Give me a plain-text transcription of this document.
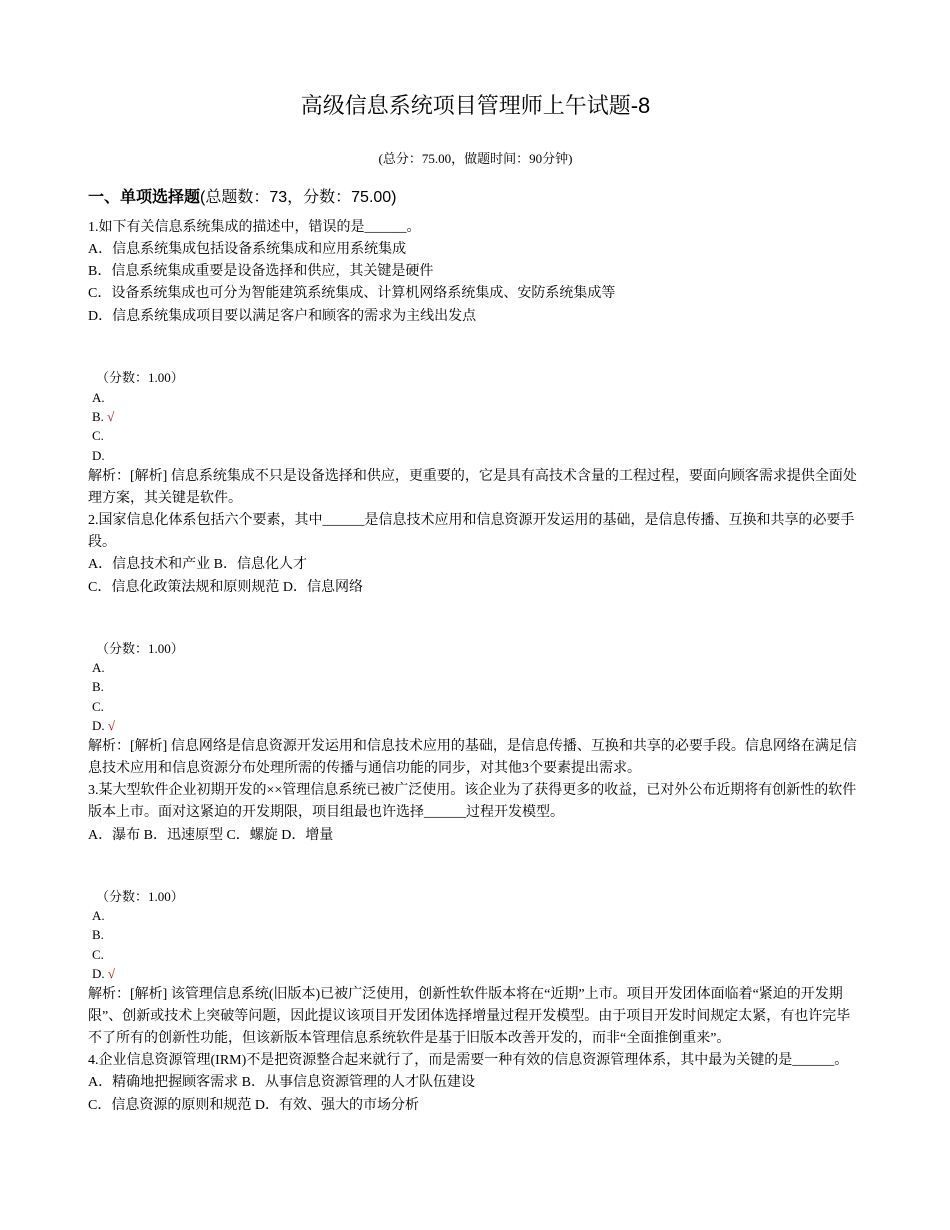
高级信息系统项目管理师上午试题-8
(总分：75.00，做题时间：90分钟)
一、单项选择题(总题数：73，分数：75.00)
1.如下有关信息系统集成的描述中，错误的是______。
A．信息系统集成包括设备系统集成和应用系统集成
B．信息系统集成重要是设备选择和供应，其关键是硬件
C．设备系统集成也可分为智能建筑系统集成、计算机网络系统集成、安防系统集成等
D．信息系统集成项目要以满足客户和顾客的需求为主线出发点
（分数：1.00）
A.
B. √
C.
D.
解析：[解析] 信息系统集成不只是设备选择和供应，更重要的，它是具有高技术含量的工程过程，要面向顾客需求提供全面处理方案，其关键是软件。
2.国家信息化体系包括六个要素，其中______是信息技术应用和信息资源开发运用的基础，是信息传播、互换和共享的必要手段。
A．信息技术和产业 B．信息化人才
C．信息化政策法规和原则规范 D．信息网络
（分数：1.00）
A.
B.
C.
D. √
解析：[解析] 信息网络是信息资源开发运用和信息技术应用的基础，是信息传播、互换和共享的必要手段。信息网络在满足信息技术应用和信息资源分布处理所需的传播与通信功能的同步，对其他3个要素提出需求。
3.某大型软件企业初期开发的××管理信息系统已被广泛使用。该企业为了获得更多的收益，已对外公布近期将有创新性的软件版本上市。面对这紧迫的开发期限，项目组最也许选择______过程开发模型。
A．瀑布 B．迅速原型 C．螺旋 D．增量
（分数：1.00）
A.
B.
C.
D. √
解析：[解析] 该管理信息系统(旧版本)已被广泛使用，创新性软件版本将在“近期”上市。项目开发团体面临着“紧迫的开发期限”、创新或技术上突破等问题，因此提议该项目开发团体选择增量过程开发模型。由于项目开发时间规定太紧，有也许完毕不了所有的创新性功能，但该新版本管理信息系统软件是基于旧版本改善开发的，而非“全面推倒重来”。
4.企业信息资源管理(IRM)不是把资源整合起来就行了，而是需要一种有效的信息资源管理体系，其中最为关键的是______。
A．精确地把握顾客需求 B．从事信息资源管理的人才队伍建设
C．信息资源的原则和规范 D．有效、强大的市场分析
